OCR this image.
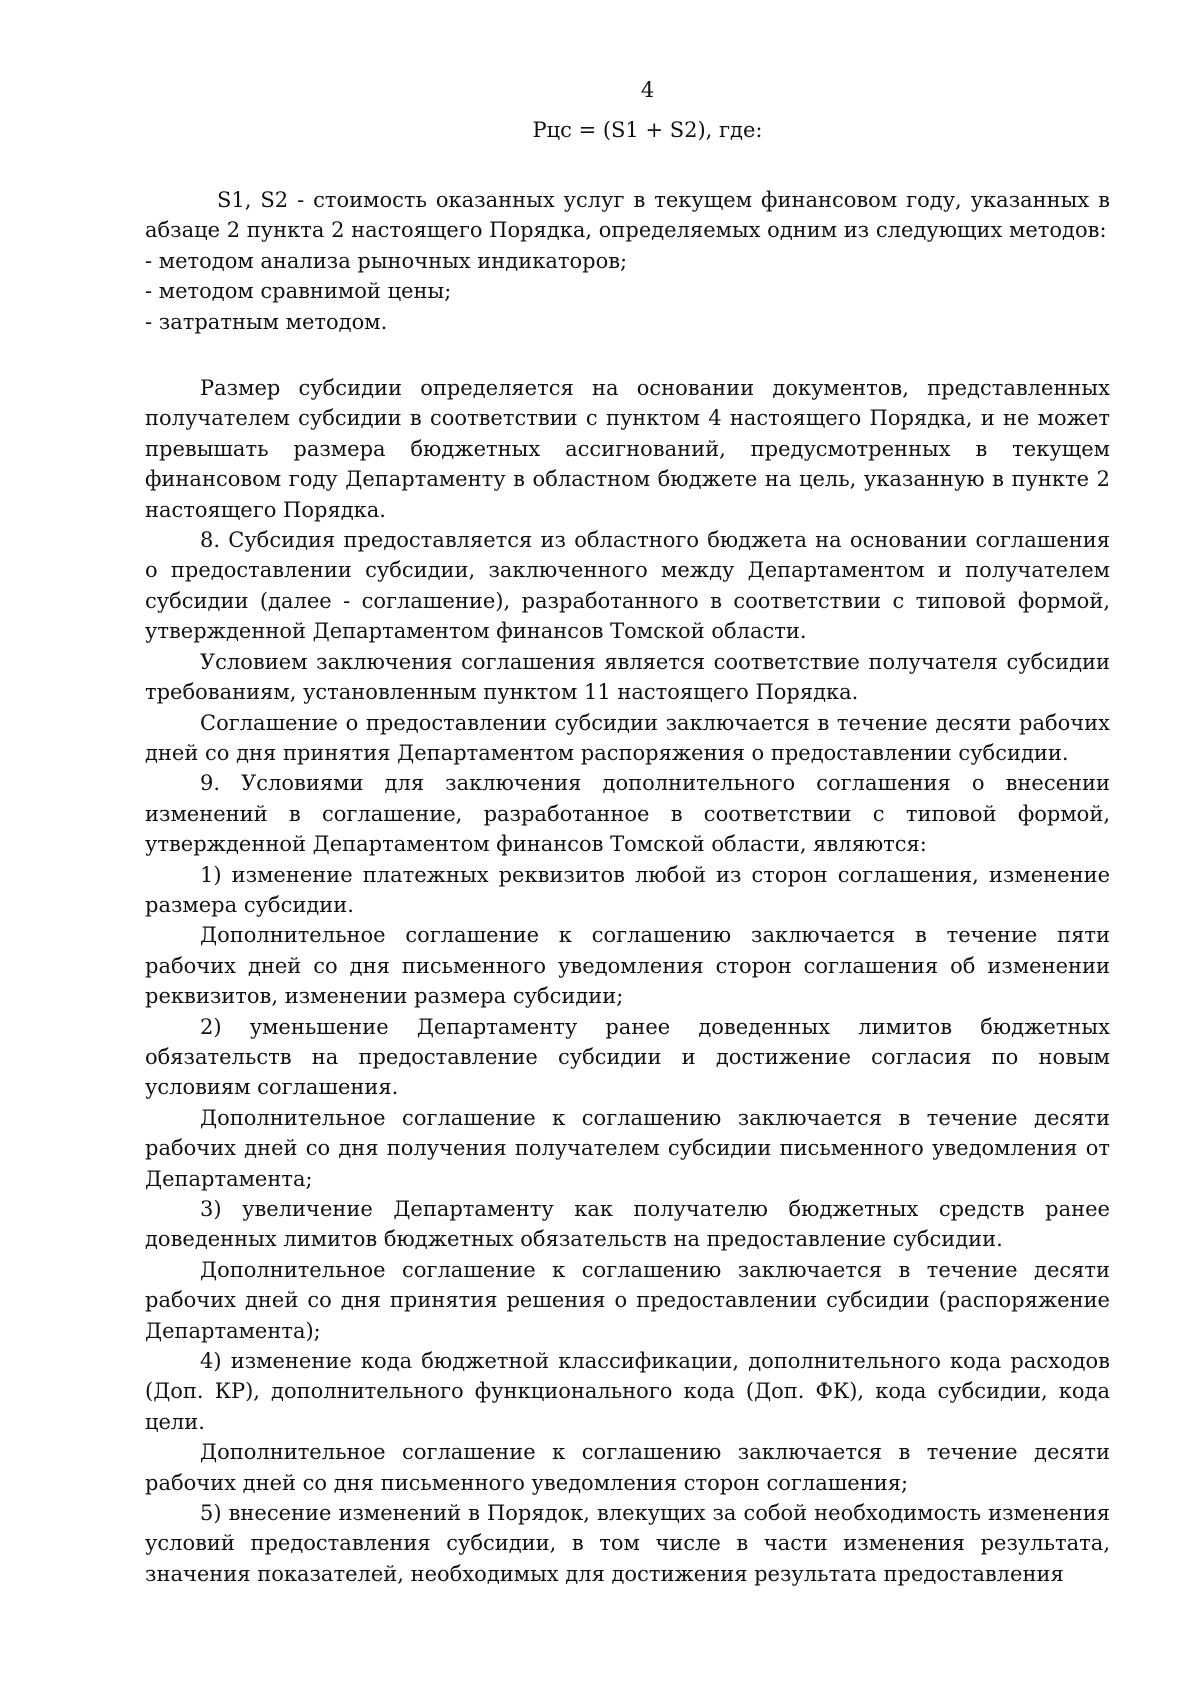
4
Рцс = (S1 + S2), где:

S1, S2 - стоимость оказанных услуг в текущем финансовом году, указанных в абзаце 2 пункта 2 настоящего Порядка, определяемых одним из следующих методов:

- методом анализа рыночных индикаторов;

- методом сравнимой цены;

- затратным методом.

Размер субсидии определяется на основании документов, представленных получателем субсидии в соответствии с пунктом 4 настоящего Порядка, и не может превышать размера бюджетных ассигнований, предусмотренных в текущем финансовом году Департаменту в областном бюджете на цель, указанную в пункте 2 настоящего Порядка.

8. Субсидия предоставляется из областного бюджета на основании соглашения о предоставлении субсидии, заключенного между Департаментом и получателем субсидии (далее - соглашение), разработанного в соответствии с типовой формой, утвержденной Департаментом финансов Томской области.

Условием заключения соглашения является соответствие получателя субсидии требованиям, установленным пунктом 11 настоящего Порядка.

Соглашение о предоставлении субсидии заключается в течение десяти рабочих дней со дня принятия Департаментом распоряжения о предоставлении субсидии.

9. Условиями для заключения дополнительного соглашения о внесении изменений в соглашение, разработанное в соответствии с типовой формой, утвержденной Департаментом финансов Томской области, являются:

1) изменение платежных реквизитов любой из сторон соглашения, изменение размера субсидии.

Дополнительное соглашение к соглашению заключается в течение пяти рабочих дней со дня письменного уведомления сторон соглашения об изменении реквизитов, изменении размера субсидии;

2) уменьшение Департаменту ранее доведенных лимитов бюджетных обязательств на предоставление субсидии и достижение согласия по новым условиям соглашения.

Дополнительное соглашение к соглашению заключается в течение десяти рабочих дней со дня получения получателем субсидии письменного уведомления от Департамента;

3) увеличение Департаменту как получателю бюджетных средств ранее доведенных лимитов бюджетных обязательств на предоставление субсидии.

Дополнительное соглашение к соглашению заключается в течение десяти рабочих дней со дня принятия решения о предоставлении субсидии (распоряжение Департамента);

4) изменение кода бюджетной классификации, дополнительного кода расходов (Доп. КР), дополнительного функционального кода (Доп. ФК), кода субсидии, кода цели.

Дополнительное соглашение к соглашению заключается в течение десяти рабочих дней со дня письменного уведомления сторон соглашения;

5) внесение изменений в Порядок, влекущих за собой необходимость изменения условий предоставления субсидии, в том числе в части изменения результата, значения показателей, необходимых для достижения результата предоставления
